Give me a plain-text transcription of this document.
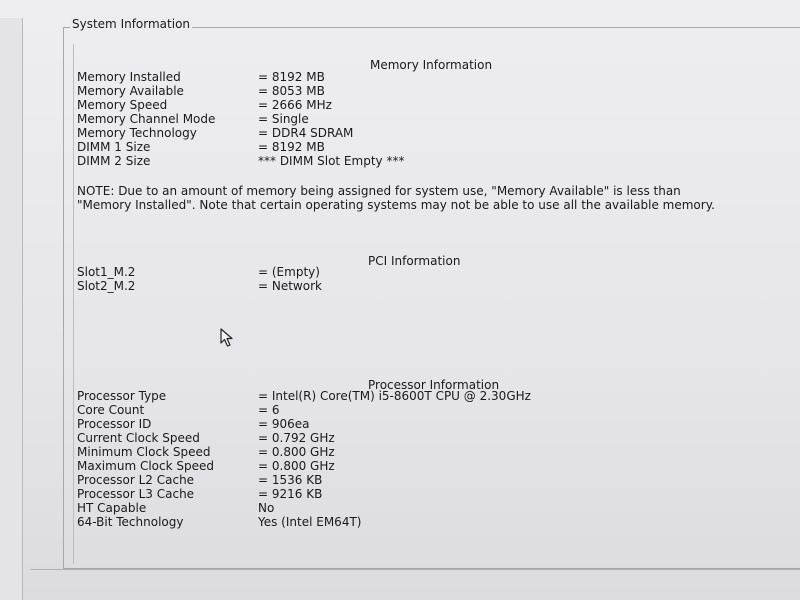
System Information
Memory Information
Memory Installed	= 8192 MB
Memory Available	= 8053 MB
Memory Speed	= 2666 MHz
Memory Channel Mode	= Single
Memory Technology	= DDR4 SDRAM
DIMM 1 Size	= 8192 MB
DIMM 2 Size	*** DIMM Slot Empty ***
NOTE: Due to an amount of memory being assigned for system use, "Memory Available" is less than "Memory Installed". Note that certain operating systems may not be able to use all the available memory.
PCI Information
Slot1_M.2	= (Empty)
Slot2_M.2	= Network
Processor Information
Processor Type	= Intel(R) Core(TM) i5-8600T CPU @ 2.30GHz
Core Count	= 6
Processor ID	= 906ea
Current Clock Speed	= 0.792 GHz
Minimum Clock Speed	= 0.800 GHz
Maximum Clock Speed	= 0.800 GHz
Processor L2 Cache	= 1536 KB
Processor L3 Cache	= 9216 KB
HT Capable	No
64-Bit Technology	Yes (Intel EM64T)
